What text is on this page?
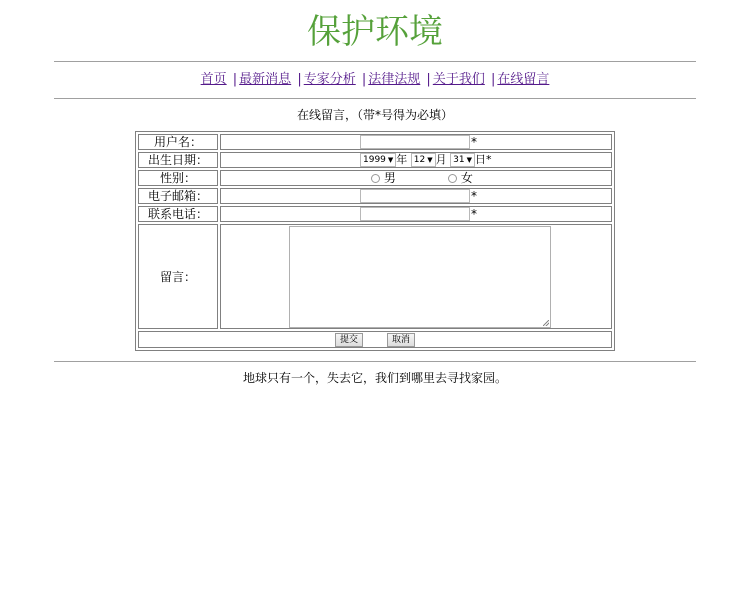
保护环境
首页 | 最新消息 | 专家分析 | 法律法规 | 关于我们 | 在线留言
在线留言，（带*号得为必填）
用户名：	*

出生日期：	1999 ▼ 年 12 ▼ 月 31 ▼ 日*

性别：	男 女

电子邮箱：	*

联系电话：	*

留言：	

提交 取消	
地球只有一个，失去它，我们到哪里去寻找家园。
